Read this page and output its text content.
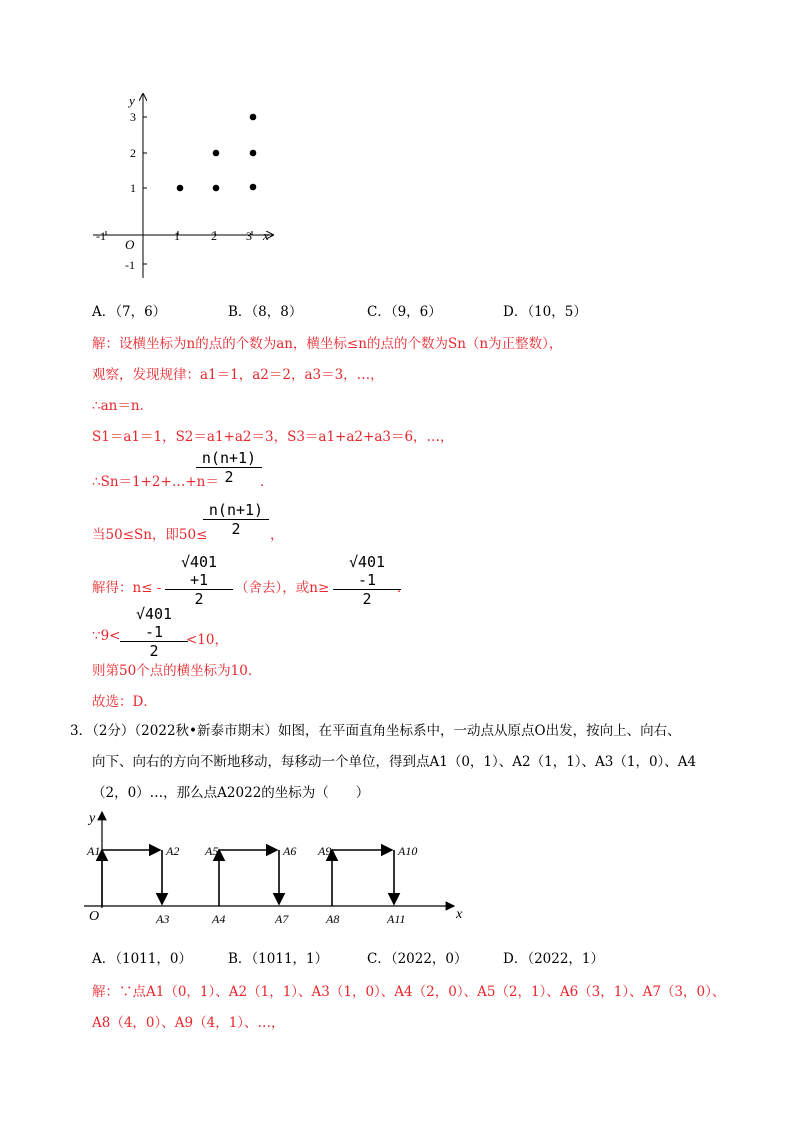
y
x
O
-1	1	2 3
3
2
1
-1
A．（7，6）	B．（8，8）	C．（9，6）	D．（10，5）
解：设横坐标为n的点的个数为an，横坐标≤n的点的个数为Sn（n为正整数），
观察，发现规律：a1＝1，a2＝2，a3＝3，…，
∴an＝n．
S1＝a1＝1，S2＝a1+a2＝3，S3＝a1+a2+a3＝6，…，
∴Sn＝1+2+…+n＝
$\frac{n(n+1)}{2}$
．
当50≤Sn，即50≤
$\frac{n(n+1)}{2}$ ，
解得：$n\le - \frac{√401 +1}{2}$ （舍去），或$n\ge \frac{√401 -1}{2}$
．
∵9< $\frac{√401 -1}{2}$
<10，
则第50个点的横坐标为10．
故选：D．
3．（2分）（2022秋•新泰市期末）如图，在平面直角坐标系中，一动点从原点O出发，按向上、向右、
向下、向右的方向不断地移动，每移动一个单位，得到点A1（0，1）、A2（1，1）、A3（1，0）、A4
（2，0）…，那么点A2022的坐标为（　　）
y
x
O
A1	A2
A3	A4
A5	A6
A7	A8
A9	A10
A11
A．（1011，0）	B．（1011，1）	C．（2022，0）	D．（2022，1）
解：∵点A1（0，1）、A2（1，1）、A3（1，0）、A4（2，0）、A5（2，1）、A6（3，1）、A7（3，0）、
A8（4，0）、A9（4，1）、…，
